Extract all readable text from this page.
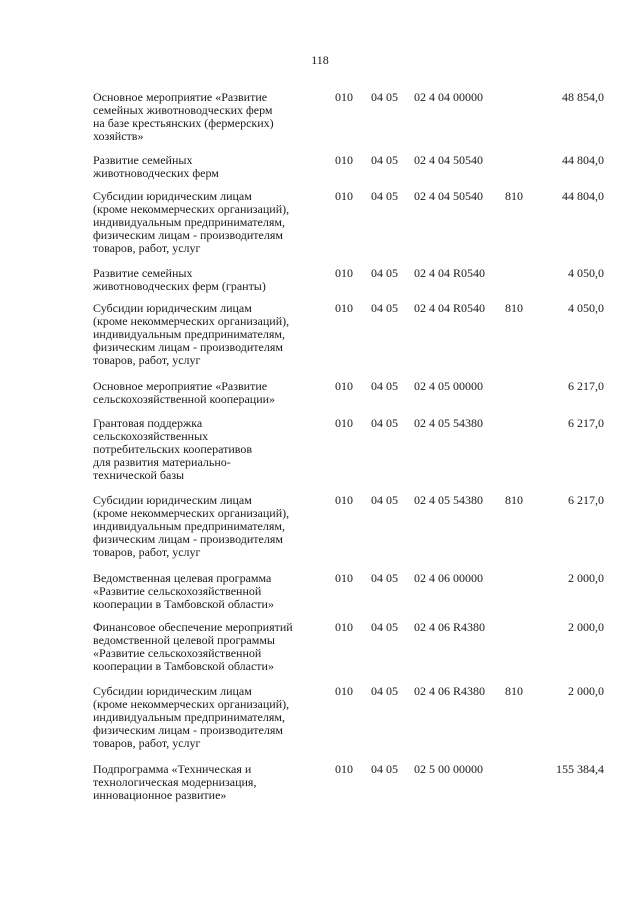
118
Основное мероприятие «Развитие
семейных животноводческих ферм
на базе крестьянских (фермерских)
хозяйств»
010 04 05 02 4 04 00000	48 854,0
Развитие семейных
животноводческих ферм
010 04 05 02 4 04 50540	44 804,0
Субсидии юридическим лицам
(кроме некоммерческих организаций),
индивидуальным предпринимателям,
физическим лицам - производителям
товаров, работ, услуг
010 04 05 02 4 04 50540 810	44 804,0
Развитие семейных
животноводческих ферм (гранты)
010 04 05 02 4 04 R0540	4 050,0
Субсидии юридическим лицам
(кроме некоммерческих организаций),
индивидуальным предпринимателям,
физическим лицам - производителям
товаров, работ, услуг
010 04 05 02 4 04 R0540 810	4 050,0
Основное мероприятие «Развитие
сельскохозяйственной кооперации»
010 04 05 02 4 05 00000	6 217,0
Грантовая поддержка
сельскохозяйственных
потребительских кооперативов
для развития материально-
технической базы
010 04 05 02 4 05 54380	6 217,0
Субсидии юридическим лицам
(кроме некоммерческих организаций),
индивидуальным предпринимателям,
физическим лицам - производителям
товаров, работ, услуг
010 04 05 02 4 05 54380 810	6 217,0
Ведомственная целевая программа
«Развитие сельскохозяйственной
кооперации в Тамбовской области»
010 04 05 02 4 06 00000	2 000,0
Финансовое обеспечение мероприятий
ведомственной целевой программы
«Развитие сельскохозяйственной
кооперации в Тамбовской области»
010 04 05 02 4 06 R4380	2 000,0
Субсидии юридическим лицам
(кроме некоммерческих организаций),
индивидуальным предпринимателям,
физическим лицам - производителям
товаров, работ, услуг
010 04 05 02 4 06 R4380 810	2 000,0
Подпрограмма «Техническая и
технологическая модернизация,
инновационное развитие»
010 04 05 02 5 00 00000	155 384,4
